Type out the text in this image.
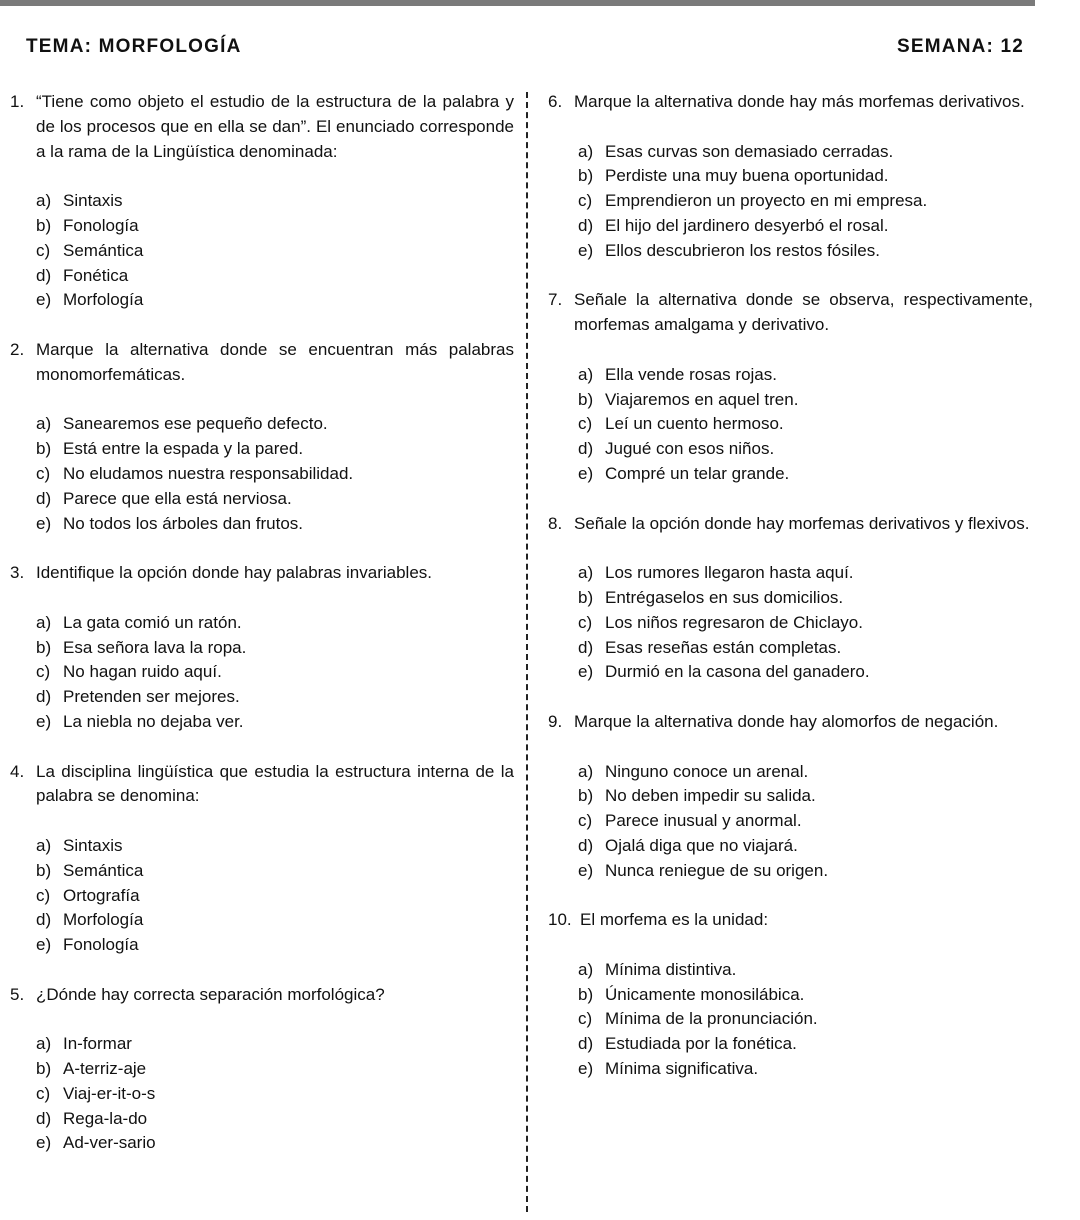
TEMA: MORFOLOGÍA	SEMANA: 12
1. “Tiene como objeto el estudio de la estructura de la palabra y de los procesos que en ella se dan”. El enunciado corresponde a la rama de la Lingüística denominada:
a) Sintaxis
b) Fonología
c) Semántica
d) Fonética
e) Morfología
2. Marque la alternativa donde se encuentran más palabras monomorfemáticas.
a) Sanearemos ese pequeño defecto.
b) Está entre la espada y la pared.
c) No eludamos nuestra responsabilidad.
d) Parece que ella está nerviosa.
e) No todos los árboles dan frutos.
3. Identifique la opción donde hay palabras invariables.
a) La gata comió un ratón.
b) Esa señora lava la ropa.
c) No hagan ruido aquí.
d) Pretenden ser mejores.
e) La niebla no dejaba ver.
4. La disciplina lingüística que estudia la estructura interna de la palabra se denomina:
a) Sintaxis
b) Semántica
c) Ortografía
d) Morfología
e) Fonología
5. ¿Dónde hay correcta separación morfológica?
a) In-formar
b) A-terriz-aje
c) Viaj-er-it-o-s
d) Rega-la-do
e) Ad-ver-sario
6. Marque la alternativa donde hay más morfemas derivativos.
a) Esas curvas son demasiado cerradas.
b) Perdiste una muy buena oportunidad.
c) Emprendieron un proyecto en mi empresa.
d) El hijo del jardinero desyerbó el rosal.
e) Ellos descubrieron los restos fósiles.
7. Señale la alternativa donde se observa, respectivamente, morfemas amalgama y derivativo.
a) Ella vende rosas rojas.
b) Viajaremos en aquel tren.
c) Leí un cuento hermoso.
d) Jugué con esos niños.
e) Compré un telar grande.
8. Señale la opción donde hay morfemas derivativos y flexivos.
a) Los rumores llegaron hasta aquí.
b) Entrégaselos en sus domicilios.
c) Los niños regresaron de Chiclayo.
d) Esas reseñas están completas.
e) Durmió en la casona del ganadero.
9. Marque la alternativa donde hay alomorfos de negación.
a) Ninguno conoce un arenal.
b) No deben impedir su salida.
c) Parece inusual y anormal.
d) Ojalá diga que no viajará.
e) Nunca reniegue de su origen.
10. El morfema es la unidad:
a) Mínima distintiva.
b) Únicamente monosilábica.
c) Mínima de la pronunciación.
d) Estudiada por la fonética.
e) Mínima significativa.
